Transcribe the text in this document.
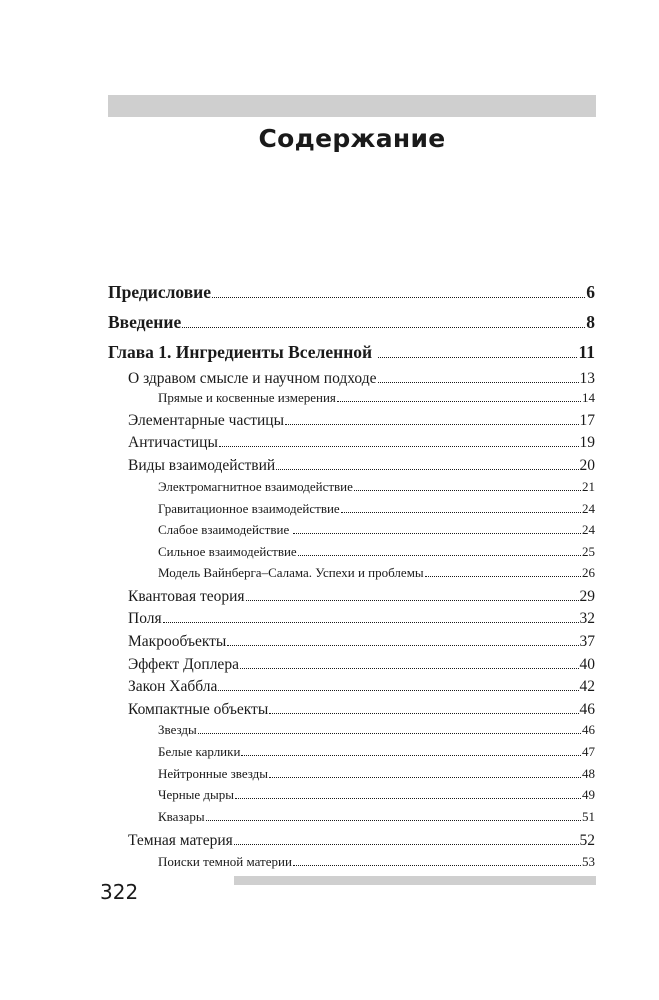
Содержание
Предисловие	6
Введение	8
Глава 1. Ингредиенты Вселенной	11
О здравом смысле и научном подходе	13
Прямые и косвенные измерения	14
Элементарные частицы	17
Античастицы	19
Виды взаимодействий	20
Электромагнитное взаимодействие	21
Гравитационное взаимодействие	24
Слабое взаимодействие	24
Сильное взаимодействие	25
Модель Вайнберга–Салама. Успехи и проблемы	26
Квантовая теория	29
Поля	32
Макрообъекты	37
Эффект Доплера	40
Закон Хаббла	42
Компактные объекты	46
Звезды	46
Белые карлики	47
Нейтронные звезды	48
Черные дыры	49
Квазары	51
Темная материя	52
Поиски темной материи	53
322
